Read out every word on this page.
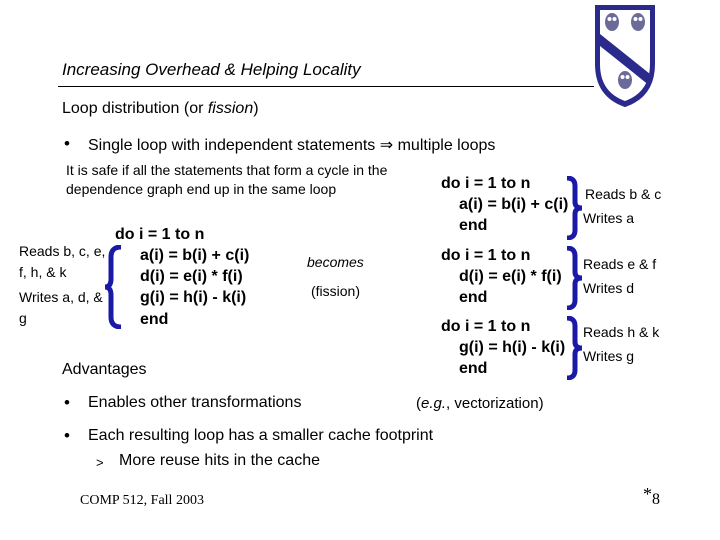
Increasing Overhead & Helping Locality
Loop distribution (or fission)
• Single loop with independent statements ⇒ multiple loops
It is safe if all the statements that form a cycle in the dependence graph end up in the same loop
Reads b, c, e, f, h, & k
Writes a, d, & g
do i = 1 to n
a(i) = b(i) + c(i)
d(i) = e(i) * f(i)
g(i) = h(i) - k(i)
end
becomes
(fission)
do i = 1 to n
a(i) = b(i) + c(i)
end
Reads b & c
Writes a
do i = 1 to n
d(i) = e(i) * f(i)
end
Reads e & f
Writes d
do i = 1 to n
g(i) = h(i) - k(i)
end
Reads h & k
Writes g
Advantages
• Enables other transformations	(e.g., vectorization)
• Each resulting loop has a smaller cache footprint
> More reuse hits in the cache
COMP 512, Fall 2003	*8
